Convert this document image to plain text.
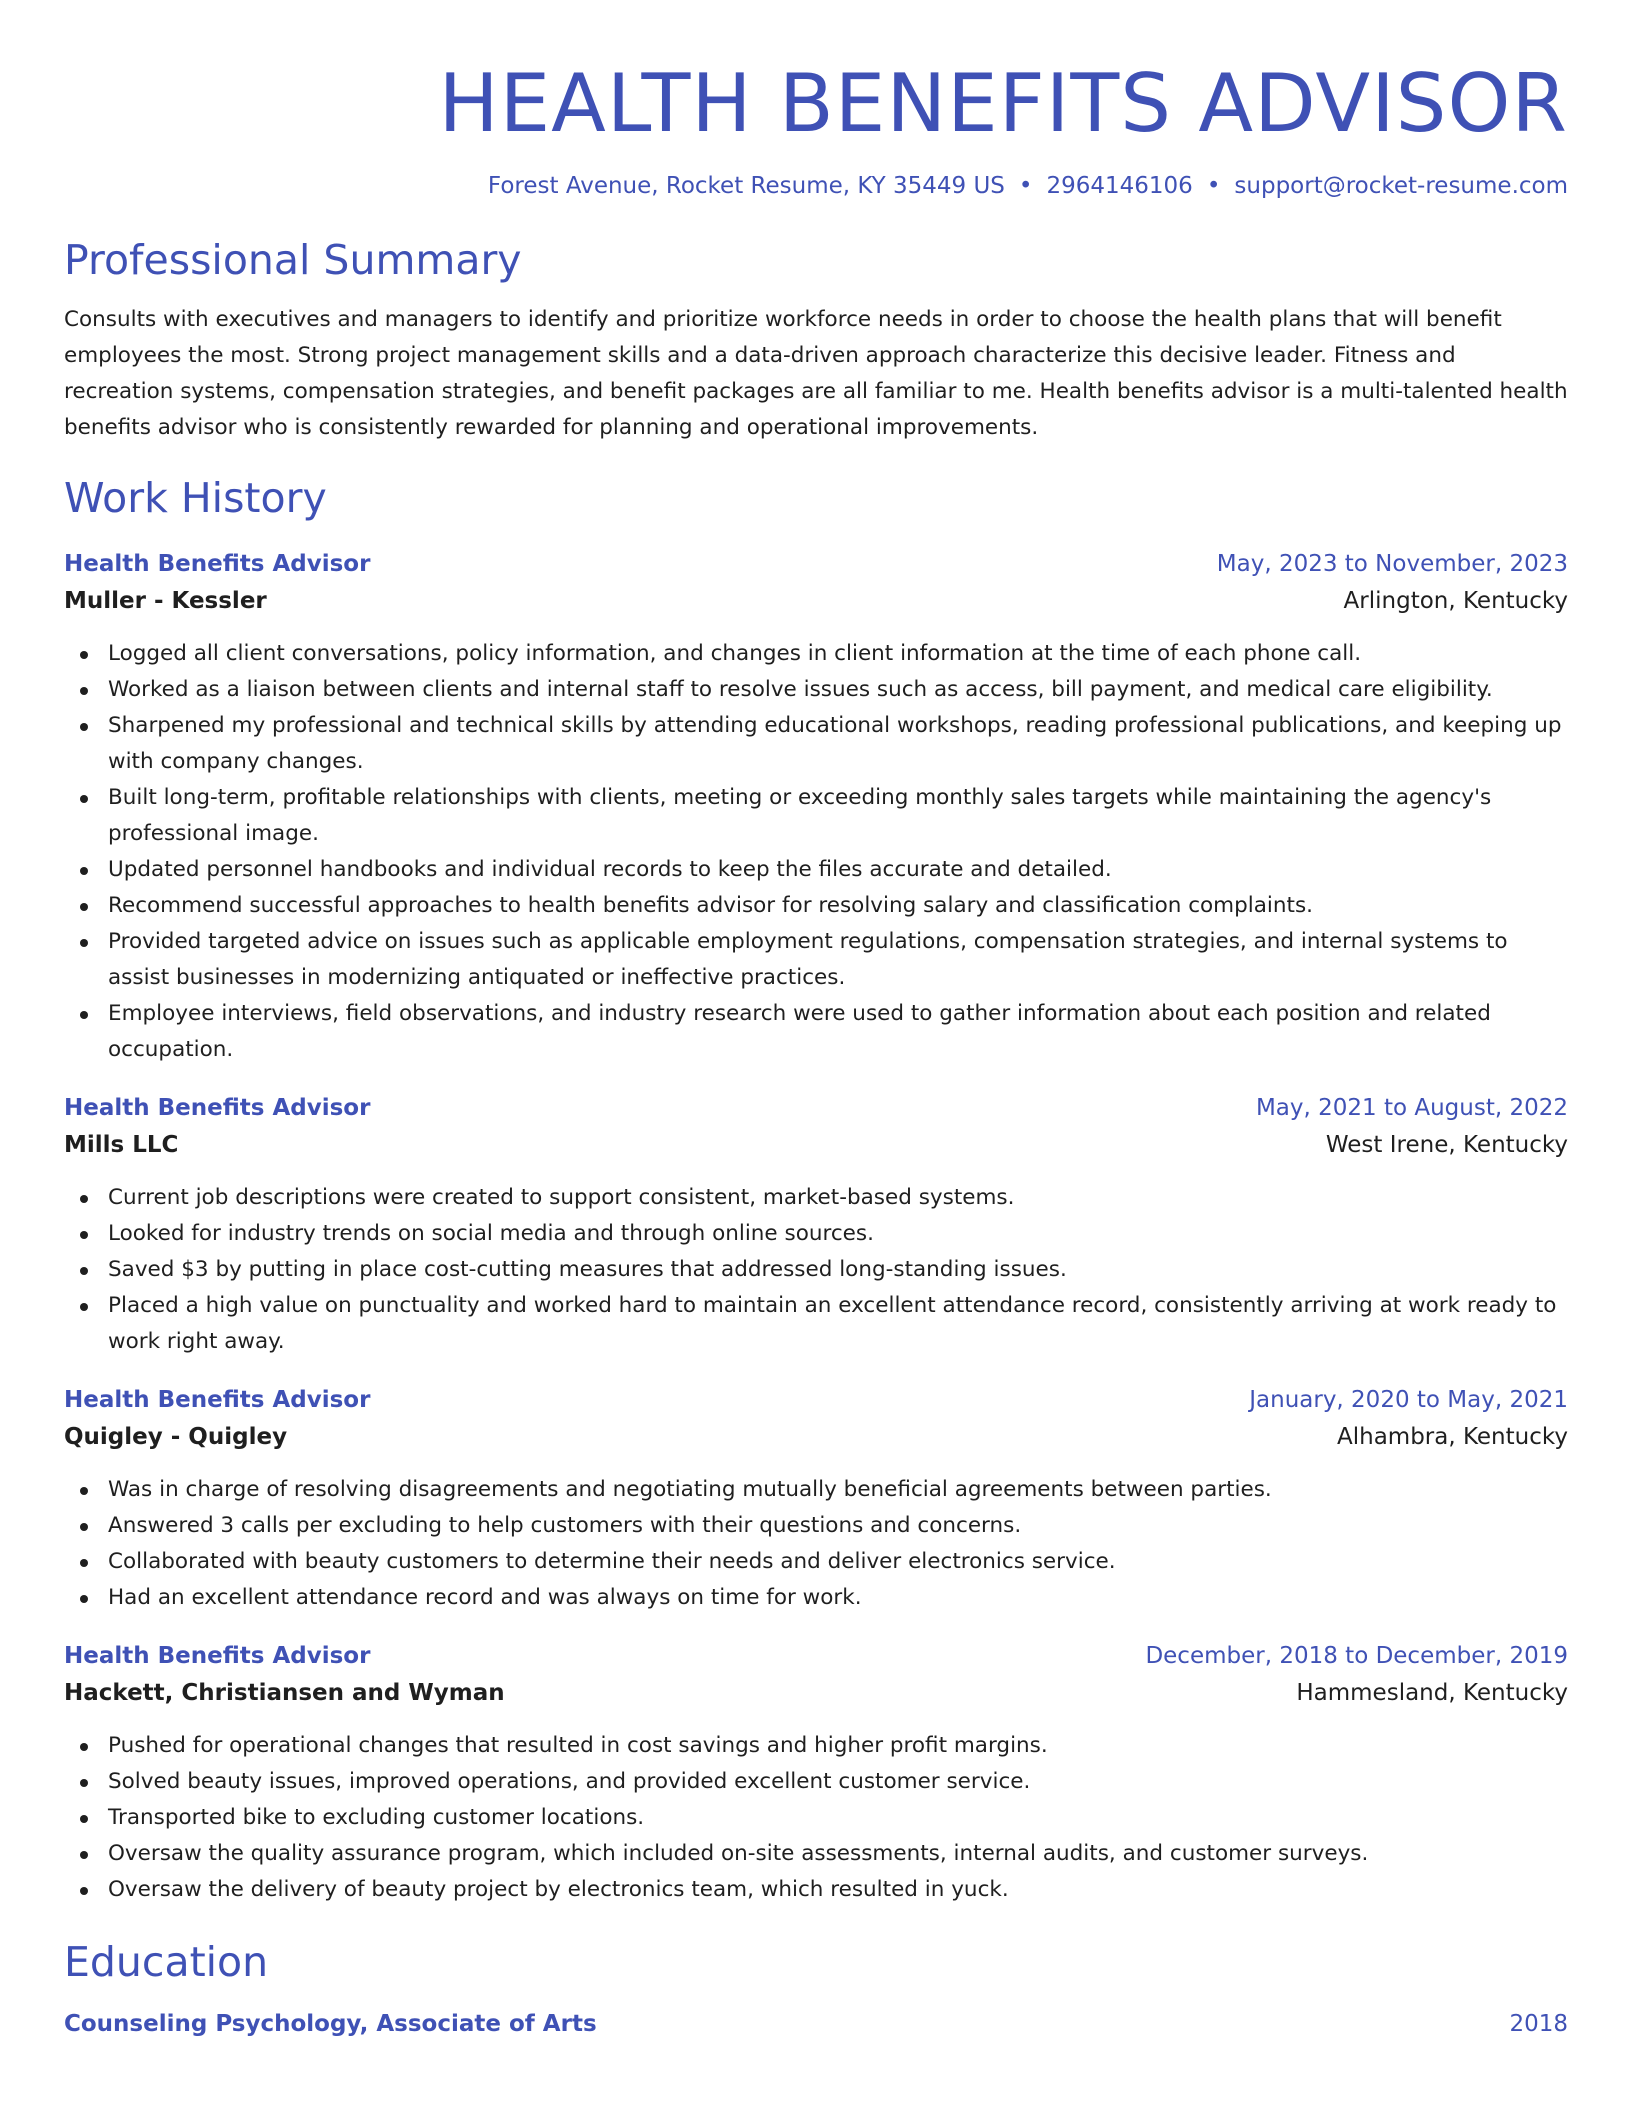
HEALTH BENEFITS ADVISOR
Forest Avenue, Rocket Resume, KY 35449 US • 2964146106 • support@rocket-resume.com
Professional Summary
Consults with executives and managers to identify and prioritize workforce needs in order to choose the health plans that will benefit employees the most. Strong project management skills and a data-driven approach characterize this decisive leader. Fitness and recreation systems, compensation strategies, and benefit packages are all familiar to me. Health benefits advisor is a multi-talented health benefits advisor who is consistently rewarded for planning and operational improvements.
Work History
Health Benefits Advisor	May, 2023 to November, 2023
Muller - Kessler	Arlington, Kentucky
Logged all client conversations, policy information, and changes in client information at the time of each phone call.
Worked as a liaison between clients and internal staff to resolve issues such as access, bill payment, and medical care eligibility.
Sharpened my professional and technical skills by attending educational workshops, reading professional publications, and keeping up with company changes.
Built long-term, profitable relationships with clients, meeting or exceeding monthly sales targets while maintaining the agency's professional image.
Updated personnel handbooks and individual records to keep the files accurate and detailed.
Recommend successful approaches to health benefits advisor for resolving salary and classification complaints.
Provided targeted advice on issues such as applicable employment regulations, compensation strategies, and internal systems to assist businesses in modernizing antiquated or ineffective practices.
Employee interviews, field observations, and industry research were used to gather information about each position and related occupation.
Health Benefits Advisor	May, 2021 to August, 2022
Mills LLC	West Irene, Kentucky
Current job descriptions were created to support consistent, market-based systems.
Looked for industry trends on social media and through online sources.
Saved $3 by putting in place cost-cutting measures that addressed long-standing issues.
Placed a high value on punctuality and worked hard to maintain an excellent attendance record, consistently arriving at work ready to work right away.
Health Benefits Advisor	January, 2020 to May, 2021
Quigley - Quigley	Alhambra, Kentucky
Was in charge of resolving disagreements and negotiating mutually beneficial agreements between parties.
Answered 3 calls per excluding to help customers with their questions and concerns.
Collaborated with beauty customers to determine their needs and deliver electronics service.
Had an excellent attendance record and was always on time for work.
Health Benefits Advisor	December, 2018 to December, 2019
Hackett, Christiansen and Wyman	Hammesland, Kentucky
Pushed for operational changes that resulted in cost savings and higher profit margins.
Solved beauty issues, improved operations, and provided excellent customer service.
Transported bike to excluding customer locations.
Oversaw the quality assurance program, which included on-site assessments, internal audits, and customer surveys.
Oversaw the delivery of beauty project by electronics team, which resulted in yuck.
Education
Counseling Psychology, Associate of Arts	2018
